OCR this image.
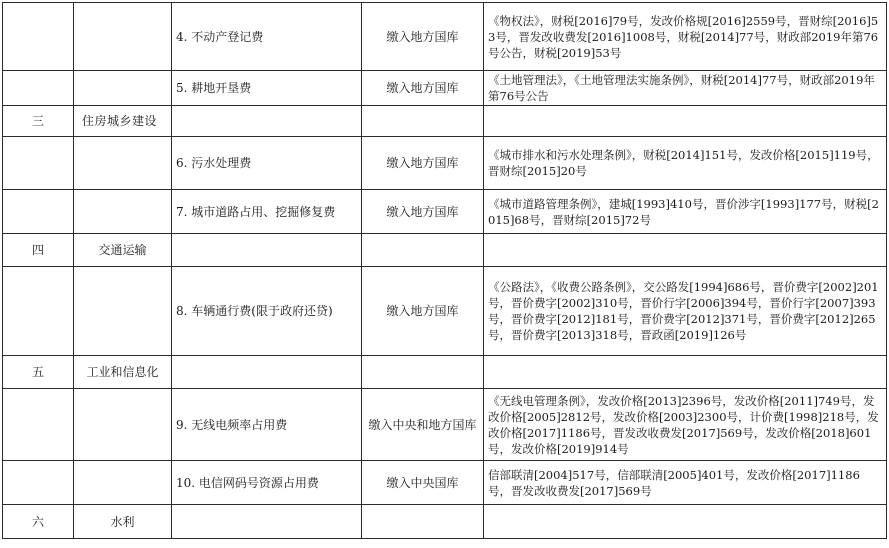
		4. 不动产登记费	缴入地方国库	《物权法》，财税[2016]79号，发改价格规[2016]2559号，晋财综[2016]53号，晋发改收费发[2016]1008号，财税[2014]77号，财政部2019年第76号公告，财税[2019]53号
		5. 耕地开垦费	缴入地方国库	《土地管理法》，《土地管理法实施条例》，财税[2014]77号，财政部2019年第76号公告
三	住房城乡建设			
		6. 污水处理费	缴入地方国库	《城市排水和污水处理条例》，财税[2014]151号，发改价格[2015]119号，晋财综[2015]20号
		7. 城市道路占用、挖掘修复费	缴入地方国库	《城市道路管理条例》，建城[1993]410号，晋价涉字[1993]177号，财税[2015]68号，晋财综[2015]72号
四	交通运输			
		8. 车辆通行费(限于政府还贷)	缴入地方国库	《公路法》，《收费公路条例》，交公路发[1994]686号，晋价费字[2002]201号，晋价费字[2002]310号，晋价行字[2006]394号，晋价行字[2007]393号，晋价费字[2012]181号，晋价费字[2012]371号，晋价费字[2012]265号，晋价费字[2013]318号，晋政函[2019]126号
五	工业和信息化			
		9. 无线电频率占用费	缴入中央和地方国库	《无线电管理条例》，发改价格[2013]2396号，发改价格[2011]749号，发改价格[2005]2812号，发改价格[2003]2300号，计价费[1998]218号，发改价格[2017]1186号，晋发改收费发[2017]569号，发改价格[2018]601号，发改价格[2019]914号
		10. 电信网码号资源占用费	缴入中央国库	信部联清[2004]517号，信部联清[2005]401号，发改价格[2017]1186号，晋发改收费发[2017]569号
六	水利			
